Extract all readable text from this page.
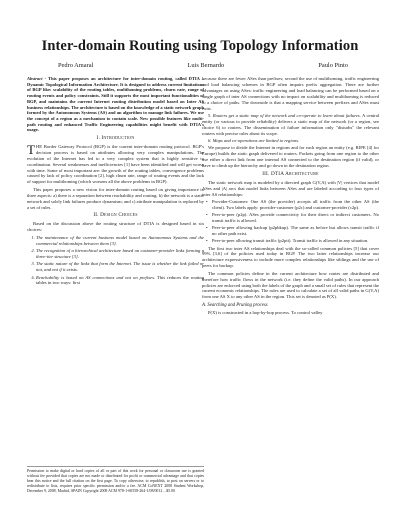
Inter-domain Routing using Topology Information
Pedro Amaral	Luis Bernardo	Paulo Pinto
Abstract - This paper proposes an architecture for inter-domain routing, called DTIA – Dynamic Topological Information Architecture. It is designed to address current limitations of BGP like: scalability of the routing tables, multihoming problems, churn rate, range of routing events and policy constraints. Still it supports the most important functionalities of BGP, and maintains the current Internet routing distribution model based on Inter AS business relationships. The architecture is based on the knowledge of a static network graph formed by the Autonomous Systems (AS) and an algorithm to manage link failures. We use the concept of a region as a mechanism to contain scale. New possible features like multi-path routing and enhanced Traffic Engineering capabilities might benefit with DTIA's usage.
I. Introduction

THE Border Gateway Protocol (BGP) is the current inter-domain routing protocol. BGP's decision process is based on attributes allowing very complex manipulations. The evolution of the Internet has led to a very complex system that is highly sensitive to coordination. Several weaknesses and inefficiencies [1] have been identified and will get worse with time. Some of most important are: the growth of the routing tables, convergence problems caused by lack of policy coordination [2], high churn rate, range of routing events and the lack of support for multihoming (which worsens all the above problems in BGP).

This paper proposes a new vision for inter-domain routing based on giving importance to three aspects: a) there is a separation between reachability and routing; b) the network is a static network and solely link failures produce dynamism; and c) attribute manipulation is replaced by a set of rules.

II. Design Choices

Based on the discussion above the routing structure of DTIA is designed based in six choices:

1. The maintenance of the current business model based on Autonomous Systems and the commercial relationships between them [3].
2. The recognition of a hierarchical architecture based on customer-provider links forming a three-tier structure [3].
3. The static nature of the links that form the Internet. The issue is whether the link failed or not, and not if it exists.
4. Reachability is based on AS connections and not on prefixes. This reduces the routing tables in two ways: first
Permission to make digital or hard copies of all or part of this work for personal or classroom use is granted without fee provided that copies are not made or distributed for profit or commercial advantage and that copies bear this notice and the full citation on the first page. To copy otherwise, to republish, to post on servers or to redistribute to lists, requires prior specific permission and/or a fee. ACM CoNEXT 2008 Student Workshop, December 9, 2008, Madrid, SPAIN Copyright 2008 ACM 978-1-60558-264-1/08/0012 ...$5.00

because there are fewer ASes than prefixes; second the use of multihoming, traffic engineering and load balancing schemes in BGP often impairs prefix aggregation. There are further advantages on using ASes: traffic engineering and load balancing can be performed based on a single graph of inter AS connections with no impact on scalability and multihoming is reduced to a choice of paths. The downside is that a mapping service between prefixes and ASes must exist.

5. Routers get a static map of the network and co-operate to learn about failures. A central entity (or various to provide reliability) delivers a static map of the network (or a region, see choice 6) to routers. The dissemination of failure information only "disturbs" the relevant routers with precise rules about its scope.

6. Maps and co-operations are limited to regions.

We propose to divide the Internet in regions and for each region an entity (e.g. RIPE [4] for Europe) builds the static graph delivered to routers. Packets going from one region to the other use either a direct link from one internal AS connected to the destination region (if valid), or have to climb up the hierarchy and go down in the destination region.

III. DTIA Architecture

The static network map is modeled by a directed graph G(V,A) with |V| vertices that model ASes and |A| arcs that model links between ASes and are labeled according to four types of inter AS relationships:

• Provider-Customer: One AS (the provider) accepts all traffic from the other AS (the client). Two labels apply: provider-customer (p2c) and customer-provider (c2p).
• Peer-to-peer (p2p). ASes provide connectivity for their direct or indirect customers. No transit traffic is allowed.
• Peer-to-peer allowing backup (p2pbkup). The same as before but allows transit traffic if no other path exist.
• Peer-to-peer allowing transit traffic (p2ptt). Transit traffic is allowed in any situation.

The first two inter AS relationships deal with the so-called common policies [5] that cover 99% [3,6] of the policies used today in BGP. The two latter relationships increase our architecture expressiveness to include more complex relationships like siblings and the use of peers for backup.

The common policies define in the current architecture how routes are distributed and therefore how traffic flows in the network (i.e. they define the valid paths). In our approach policies are enforced using both the labels of the graph and a small set of rules that represent the current economic relationships. The rules are used to calculate a set of all valid paths in G(V,A) from one AS X to any other AS in the region. This set is denoted as P(X).

A. Searching and Pruning process

P(X) is constructed in a hop-by-hop process. To control valley
